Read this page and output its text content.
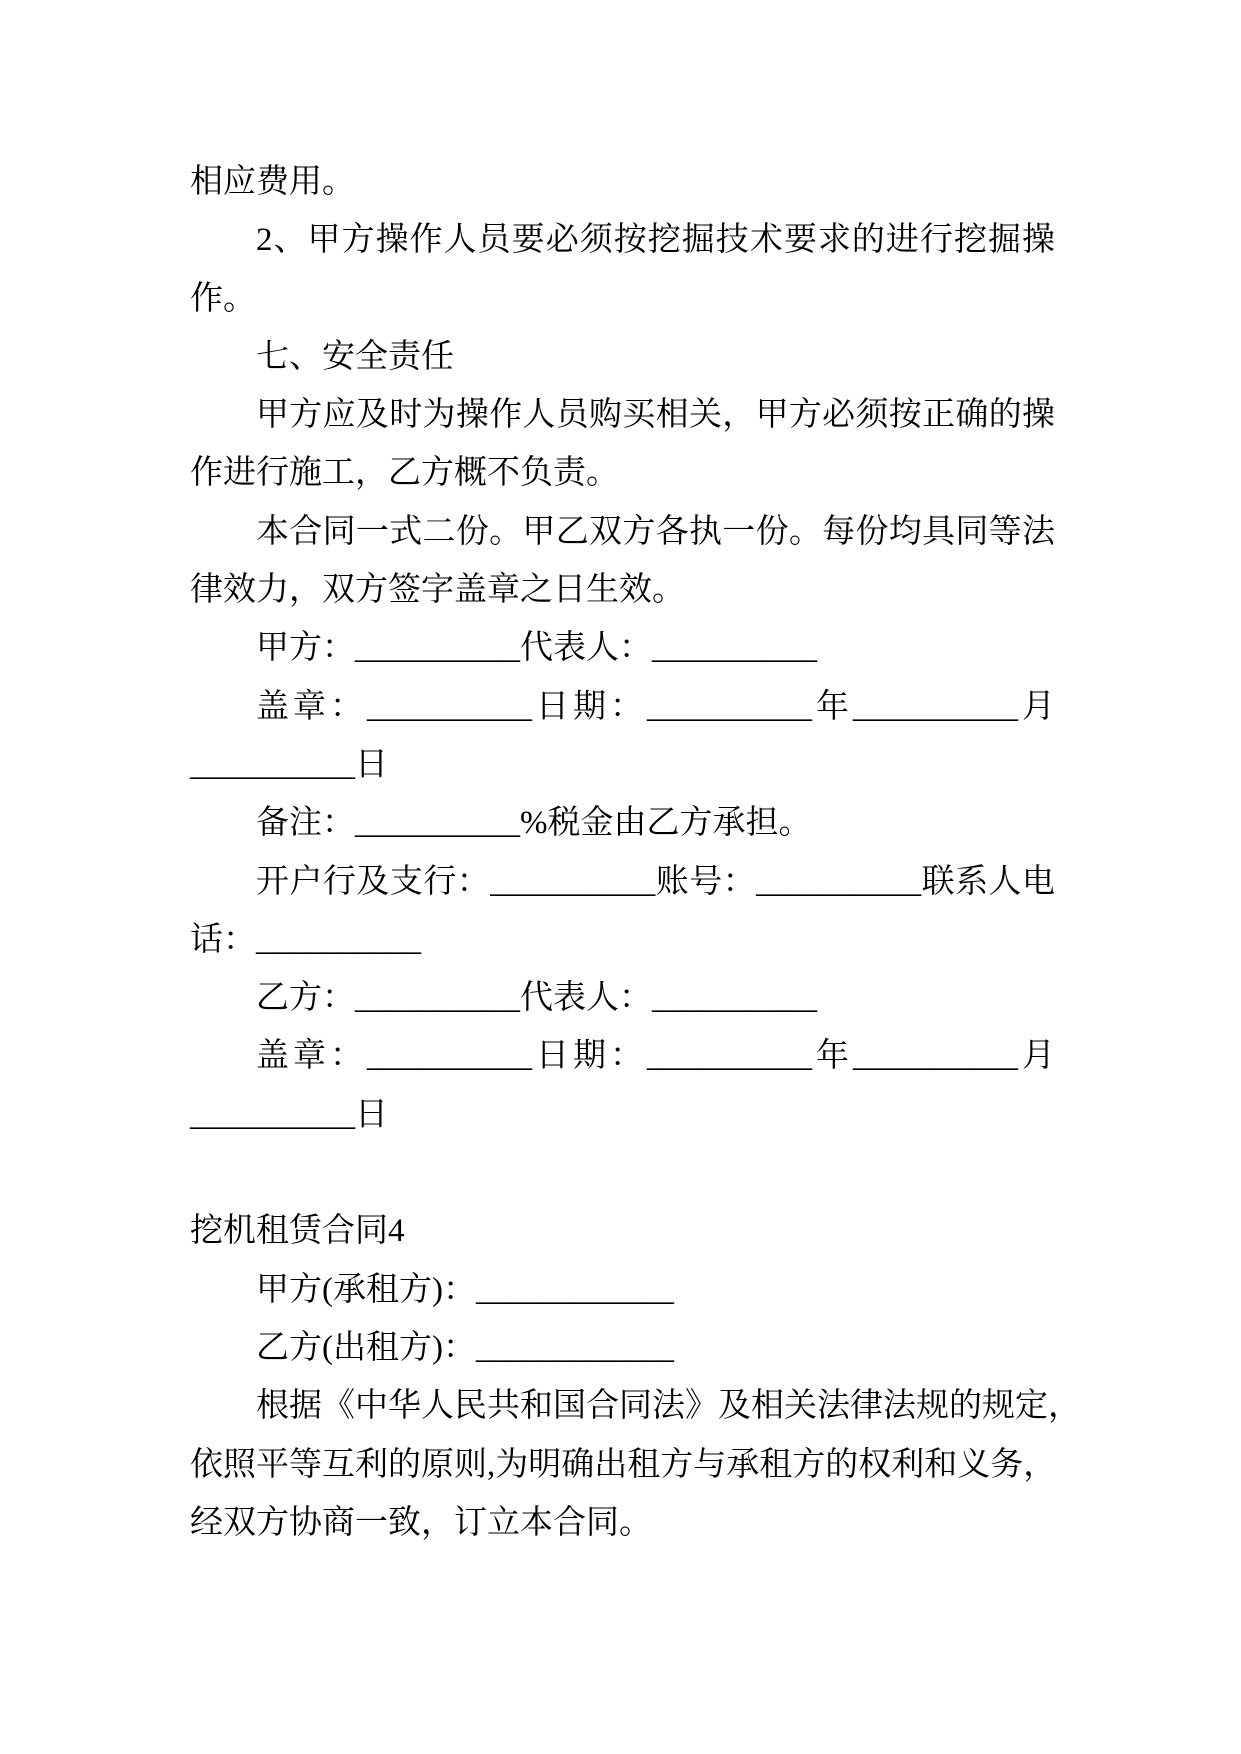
相应费用。
2、甲方操作人员要必须按挖掘技术要求的进行挖掘操
作。
七、安全责任
甲方应及时为操作人员购买相关，甲方必须按正确的操
作进行施工，乙方概不负责。
本合同一式二份。甲乙双方各执一份。每份均具同等法
律效力，双方签字盖章之日生效。
甲方：__________代表人：__________
盖章：__________日期：__________年__________月
__________日
备注：__________%税金由乙方承担。
开户行及支行：__________账号：__________联系人电
话：__________
乙方：__________代表人：__________
盖章：__________日期：__________年__________月
__________日
挖机租赁合同4
甲方(承租方)：____________
乙方(出租方)：____________
根据《中华人民共和国合同法》及相关法律法规的规定，
依照平等互利的原则,为明确出租方与承租方的权利和义务，
经双方协商一致，订立本合同。
